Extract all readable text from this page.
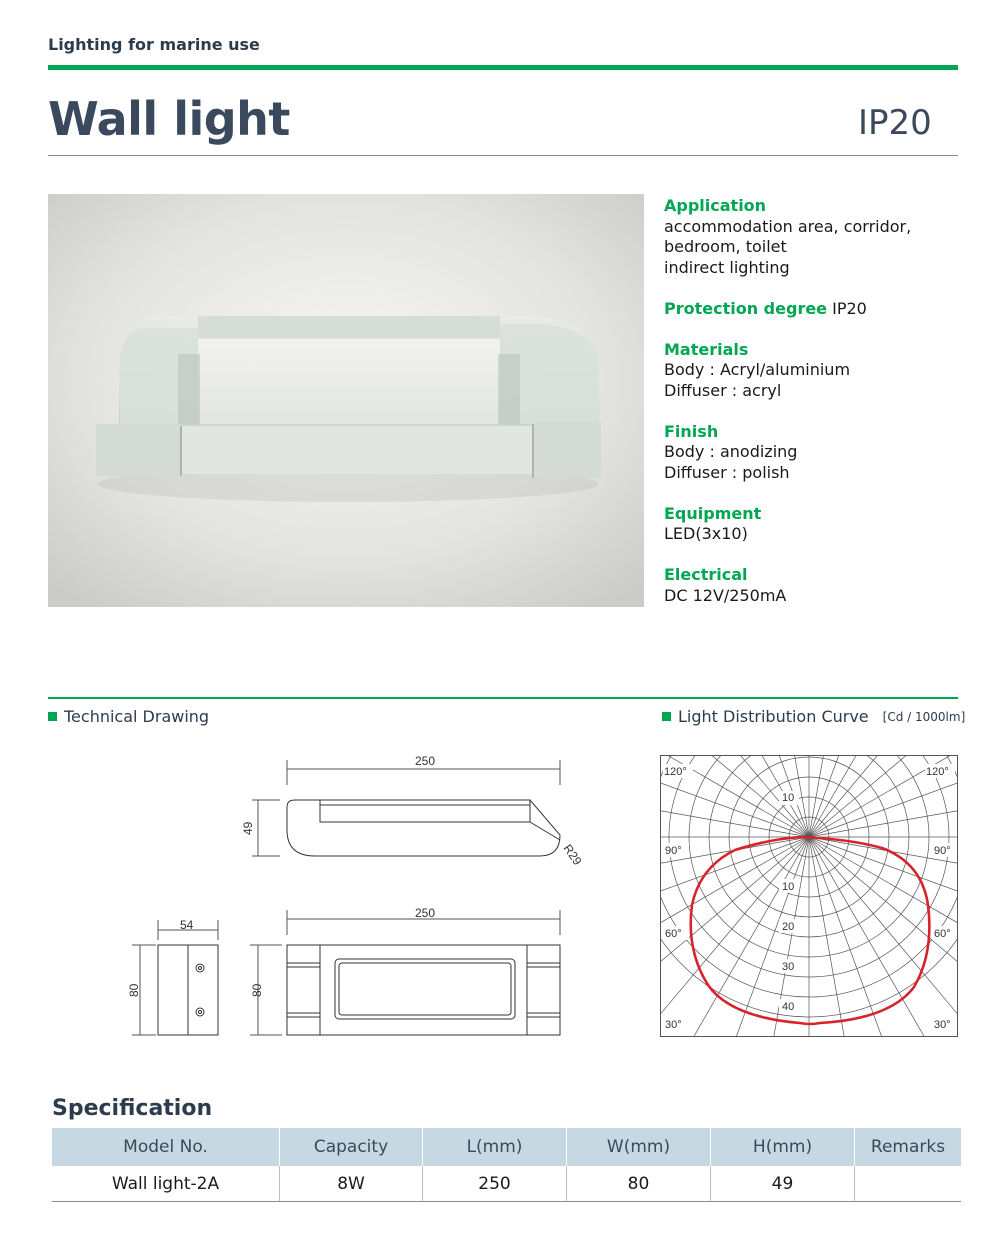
Lighting for marine use
Wall light	IP20
Application
accommodation area, corridor,
bedroom, toilet
indirect lighting
Protection degree IP20
Materials
Body : Acryl/aluminium
Diffuser : acryl
Finish
Body : anodizing
Diffuser : polish
Equipment
LED(3x10)
Electrical
DC 12V/250mA
Technical Drawing	Light Distribution Curve [Cd / 1000lm]
250
49
R29
54
80
250
80
10
10
20
30
40
120°	120°
90°	90°
60°	60°
30°	30°
Specification
Model No.	Capacity	L(mm)	W(mm)	H(mm)	Remarks
Wall light-2A	8W	250	80	49	
